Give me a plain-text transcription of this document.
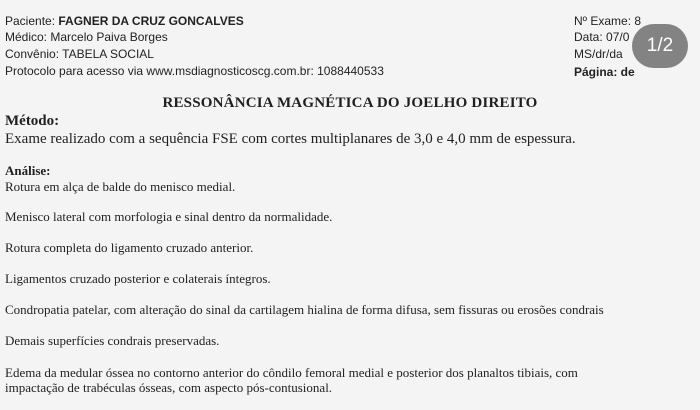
Paciente: FAGNER DA CRUZ GONCALVES
Médico: Marcelo Paiva Borges
Convênio: TABELA SOCIAL
Protocolo para acesso via www.msdiagnosticoscg.com.br: 1088440533
Nº Exame: 8
Data: 07/0
MS/dr/da
Página: de
1/2
RESSONÂNCIA MAGNÉTICA DO JOELHO DIREITO
Método:
Exame realizado com a sequência FSE com cortes multiplanares de 3,0 e 4,0 mm de espessura.
Análise:
Rotura em alça de balde do menisco medial.
Menisco lateral com morfologia e sinal dentro da normalidade.
Rotura completa do ligamento cruzado anterior.
Ligamentos cruzado posterior e colaterais íntegros.
Condropatia patelar, com alteração do sinal da cartilagem hialina de forma difusa, sem fissuras ou erosões condrais
Demais superfícies condrais preservadas.
Edema da medular óssea no contorno anterior do côndilo femoral medial e posterior dos planaltos tibiais, com
impactação de trabéculas ósseas, com aspecto pós-contusional.
